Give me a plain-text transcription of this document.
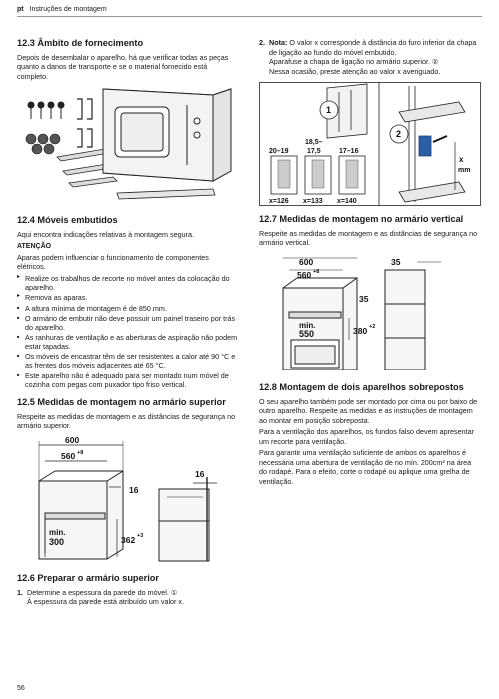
pt Instruções de montagem
12.3 Âmbito de fornecimento

Depois de desembalar o aparelho, há que verificar todas as peças quanto a danos de transporte e se o material fornecido está completo.

12.4 Móveis embutidos

Aqui encontra indicações relativas à montagem segura.

ATENÇÃO

Aparas podem influenciar o funcionamento de componentes elétricos.

▸ Realize os trabalhos de recorte no móvel antes da colocação do aparelho.
▸ Remova as aparas.
■ A altura mínima de montagem é de 850 mm.
■ O armário de embutir não deve possuir um painel traseiro por trás do aparelho.
■ As ranhuras de ventilação e as aberturas de aspiração não podem estar tapadas.
■ Os móveis de encastrar têm de ser resistentes a calor até 90 °C e as frentes dos móveis adjacentes até 65 °C.
■ Este aparelho não é adequado para ser montado num móvel de cozinha com pegas com puxador tipo friso vertical.
12.5 Medidas de montagem no armário superior

Respeite as medidas de montagem e as distâncias de segurança no armário superior.

600
560 +8
16
16
min.
300	362 +3
12.6 Preparar o armário superior
1. Determine a espessura da parede do móvel. ①
À espessura da parede está atribuído um valor x.
2. Nota: O valor x corresponde à distância do furo inferior da chapa de ligação ao fundo do móvel embutido.
Aparafuse a chapa de ligação no armário superior. ②
Nessa ocasião, preste atenção ao valor x averiguado.
1
2
20–19
18,5–
17,5	17–16
x=126 x=133 x=140
x
mm
12.7 Medidas de montagem no armário vertical

Respeite as medidas de montagem e as distâncias de segurança no armário vertical.

600
560 +8
35
35
min.
550	380 +2
12.8 Montagem de dois aparelhos sobrepostos

O seu aparelho também pode ser montado por cima ou por baixo de outro aparelho. Respeite as medidas e as instruções de montagem ao montar em posição sobreposta.

Para a ventilação dos aparelhos, os fundos falso devem apresentar um recorte para ventilação.

Para garantir uma ventilação suficiente de ambos os aparelhos é necessária uma abertura de ventilação de no mín. 200cm² na área do rodapé. Para o efeito, corte o rodapé ou aplique uma grelha de ventilação.

56
